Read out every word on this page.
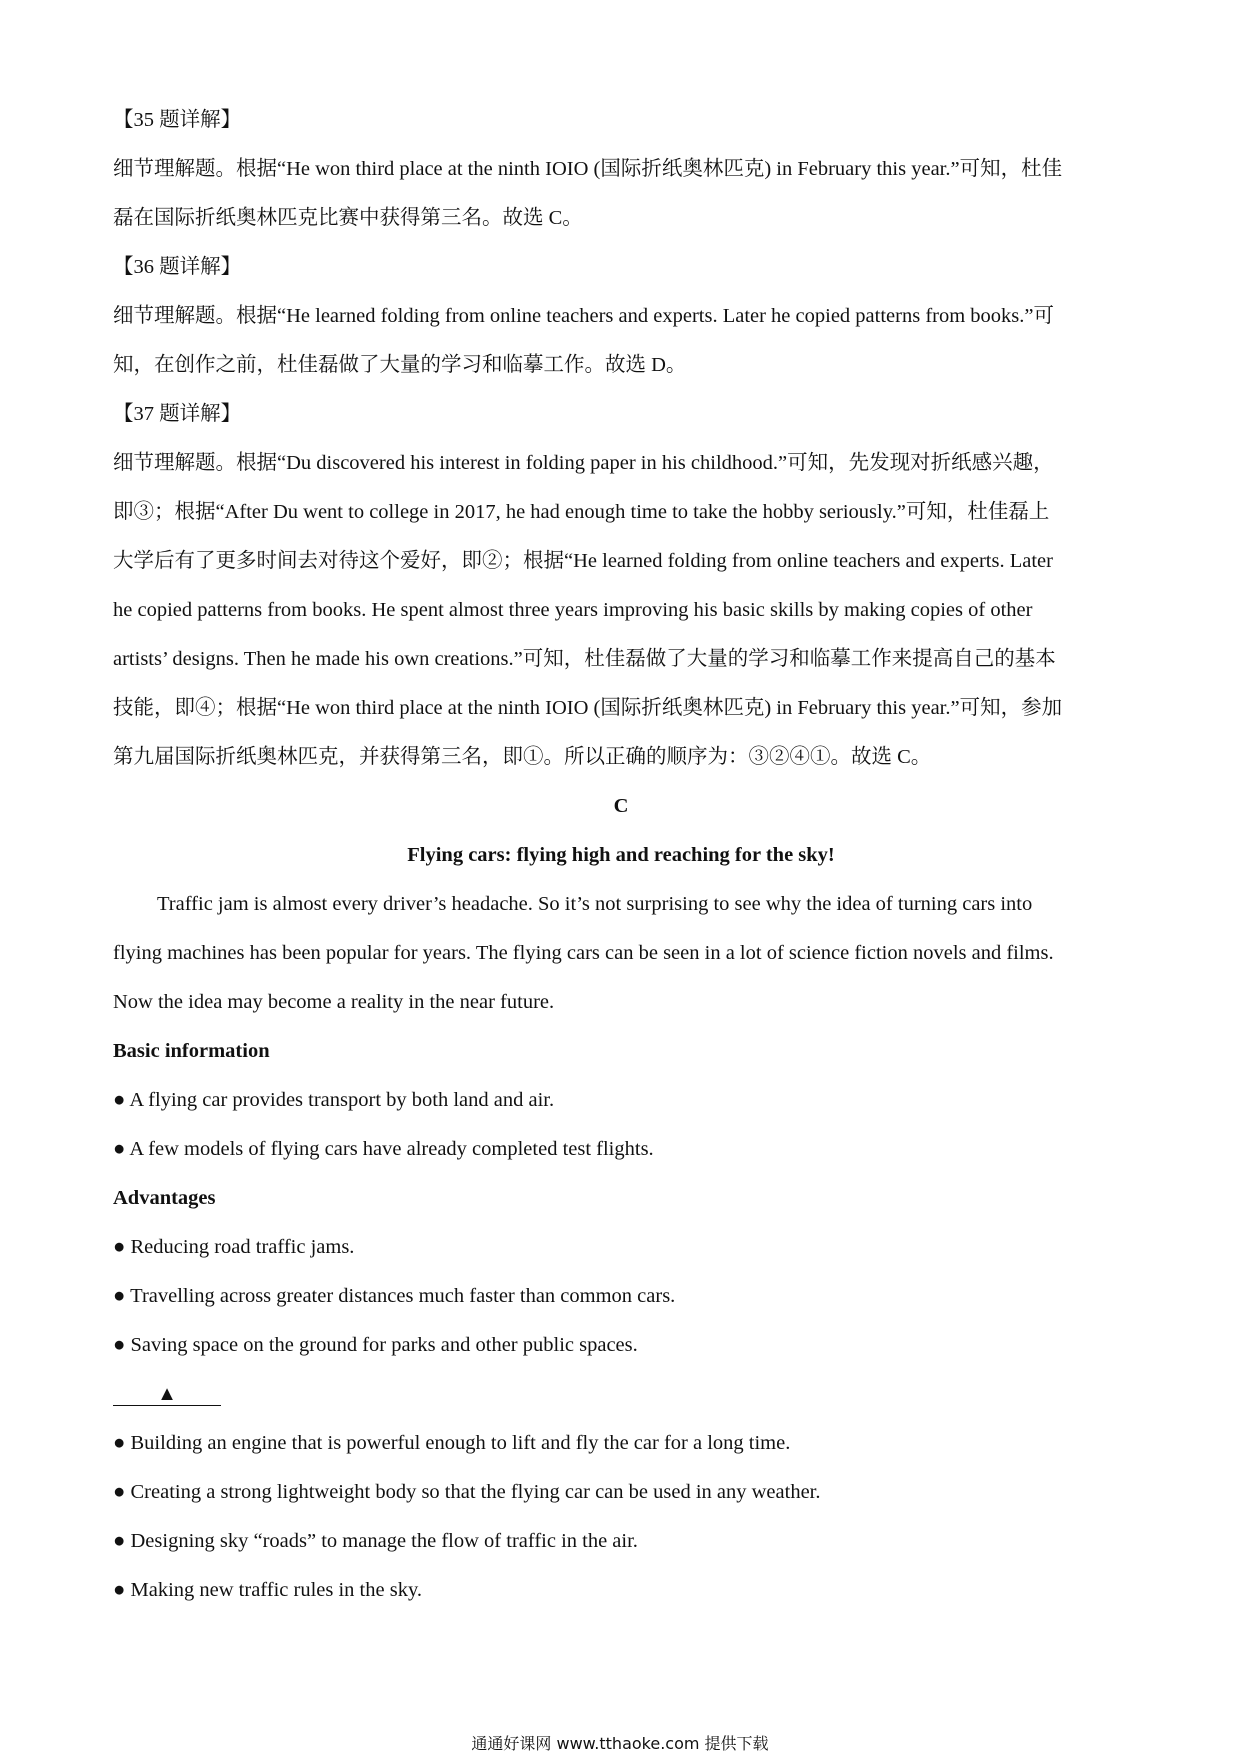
【35 题详解】
细节理解题。根据“He won third place at the ninth IOIO (国际折纸奥林匹克) in February this year.”可知，杜佳
磊在国际折纸奥林匹克比赛中获得第三名。故选 C。
【36 题详解】
细节理解题。根据“He learned folding from online teachers and experts. Later he copied patterns from books.”可
知，在创作之前，杜佳磊做了大量的学习和临摹工作。故选 D。
【37 题详解】
细节理解题。根据“Du discovered his interest in folding paper in his childhood.”可知，先发现对折纸感兴趣，
即③；根据“After Du went to college in 2017, he had enough time to take the hobby seriously.”可知，杜佳磊上
大学后有了更多时间去对待这个爱好，即②；根据“He learned folding from online teachers and experts. Later
he copied patterns from books. He spent almost three years improving his basic skills by making copies of other
artists’ designs. Then he made his own creations.”可知，杜佳磊做了大量的学习和临摹工作来提高自己的基本
技能，即④；根据“He won third place at the ninth IOIO (国际折纸奥林匹克) in February this year.”可知，参加
第九届国际折纸奥林匹克，并获得第三名，即①。所以正确的顺序为：③②④①。故选 C。
C
Flying cars: flying high and reaching for the sky!
Traffic jam is almost every driver’s headache. So it’s not surprising to see why the idea of turning cars into
flying machines has been popular for years. The flying cars can be seen in a lot of science fiction novels and films.
Now the idea may become a reality in the near future.
Basic information
● A flying car provides transport by both land and air.
● A few models of flying cars have already completed test flights.
Advantages
● Reducing road traffic jams.
● Travelling across greater distances much faster than common cars.
● Saving space on the ground for parks and other public spaces.
▲
● Building an engine that is powerful enough to lift and fly the car for a long time.
● Creating a strong lightweight body so that the flying car can be used in any weather.
● Designing sky “roads” to manage the flow of traffic in the air.
● Making new traffic rules in the sky.
通通好课网 www.tthaoke.com 提供下载
